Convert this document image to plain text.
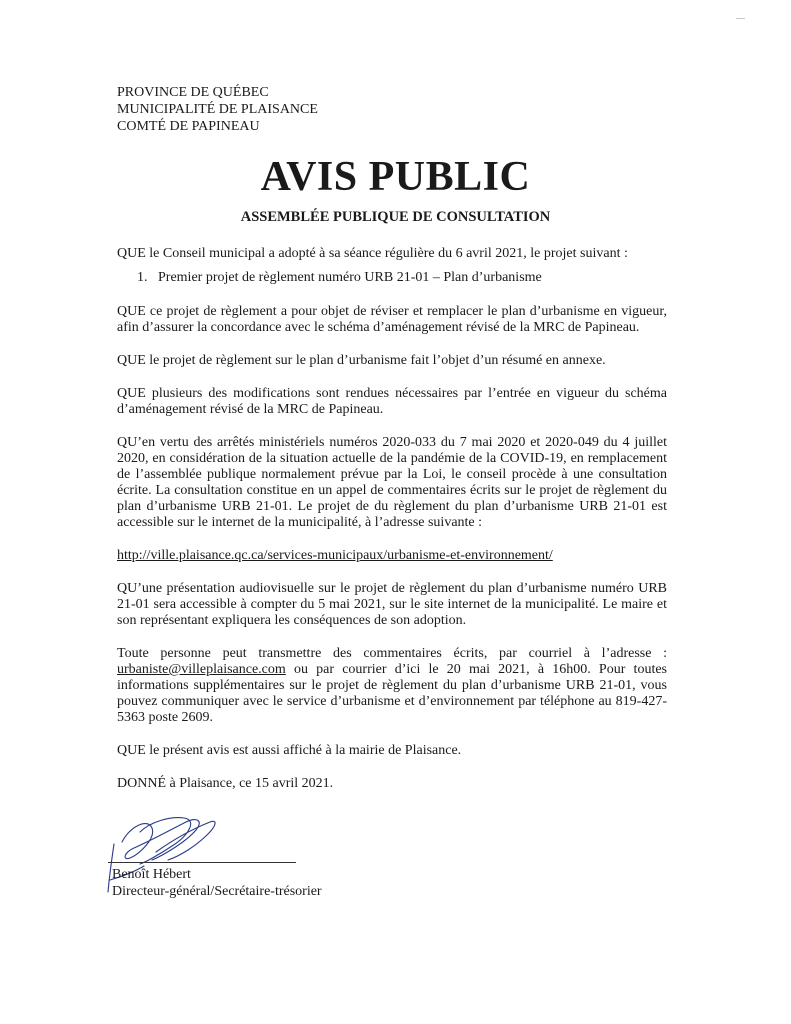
PROVINCE DE QUÉBEC
MUNICIPALITÉ DE PLAISANCE
COMTÉ DE PAPINEAU
AVIS PUBLIC
ASSEMBLÉE PUBLIQUE DE CONSULTATION

QUE le Conseil municipal a adopté à sa séance régulière du 6 avril 2021, le projet suivant :

1. Premier projet de règlement numéro URB 21-01 – Plan d’urbanisme

QUE ce projet de règlement a pour objet de réviser et remplacer le plan d’urbanisme en vigueur, afin d’assurer la concordance avec le schéma d’aménagement révisé de la MRC de Papineau.

QUE le projet de règlement sur le plan d’urbanisme fait l’objet d’un résumé en annexe.

QUE plusieurs des modifications sont rendues nécessaires par l’entrée en vigueur du schéma d’aménagement révisé de la MRC de Papineau.

QU’en vertu des arrêtés ministériels numéros 2020-033 du 7 mai 2020 et 2020-049 du 4 juillet 2020, en considération de la situation actuelle de la pandémie de la COVID-19, en remplacement de l’assemblée publique normalement prévue par la Loi, le conseil procède à une consultation écrite. La consultation constitue en un appel de commentaires écrits sur le projet de règlement du plan d’urbanisme URB 21-01. Le projet de du règlement du plan d’urbanisme URB 21-01 est accessible sur le internet de la municipalité, à l’adresse suivante :

http://ville.plaisance.qc.ca/services-municipaux/urbanisme-et-environnement/

QU’une présentation audiovisuelle sur le projet de règlement du plan d’urbanisme numéro URB 21-01 sera accessible à compter du 5 mai 2021, sur le site internet de la municipalité. Le maire et son représentant expliquera les conséquences de son adoption.

Toute personne peut transmettre des commentaires écrits, par courriel à l’adresse : urbaniste@villeplaisance.com ou par courrier d’ici le 20 mai 2021, à 16h00. Pour toutes informations supplémentaires sur le projet de règlement du plan d’urbanisme URB 21-01, vous pouvez communiquer avec le service d’urbanisme et d’environnement par téléphone au 819-427-5363 poste 2609.

QUE le présent avis est aussi affiché à la mairie de Plaisance.

DONNÉ à Plaisance, ce 15 avril 2021.

Benoît Hébert
Directeur-général/Secrétaire-trésorier
